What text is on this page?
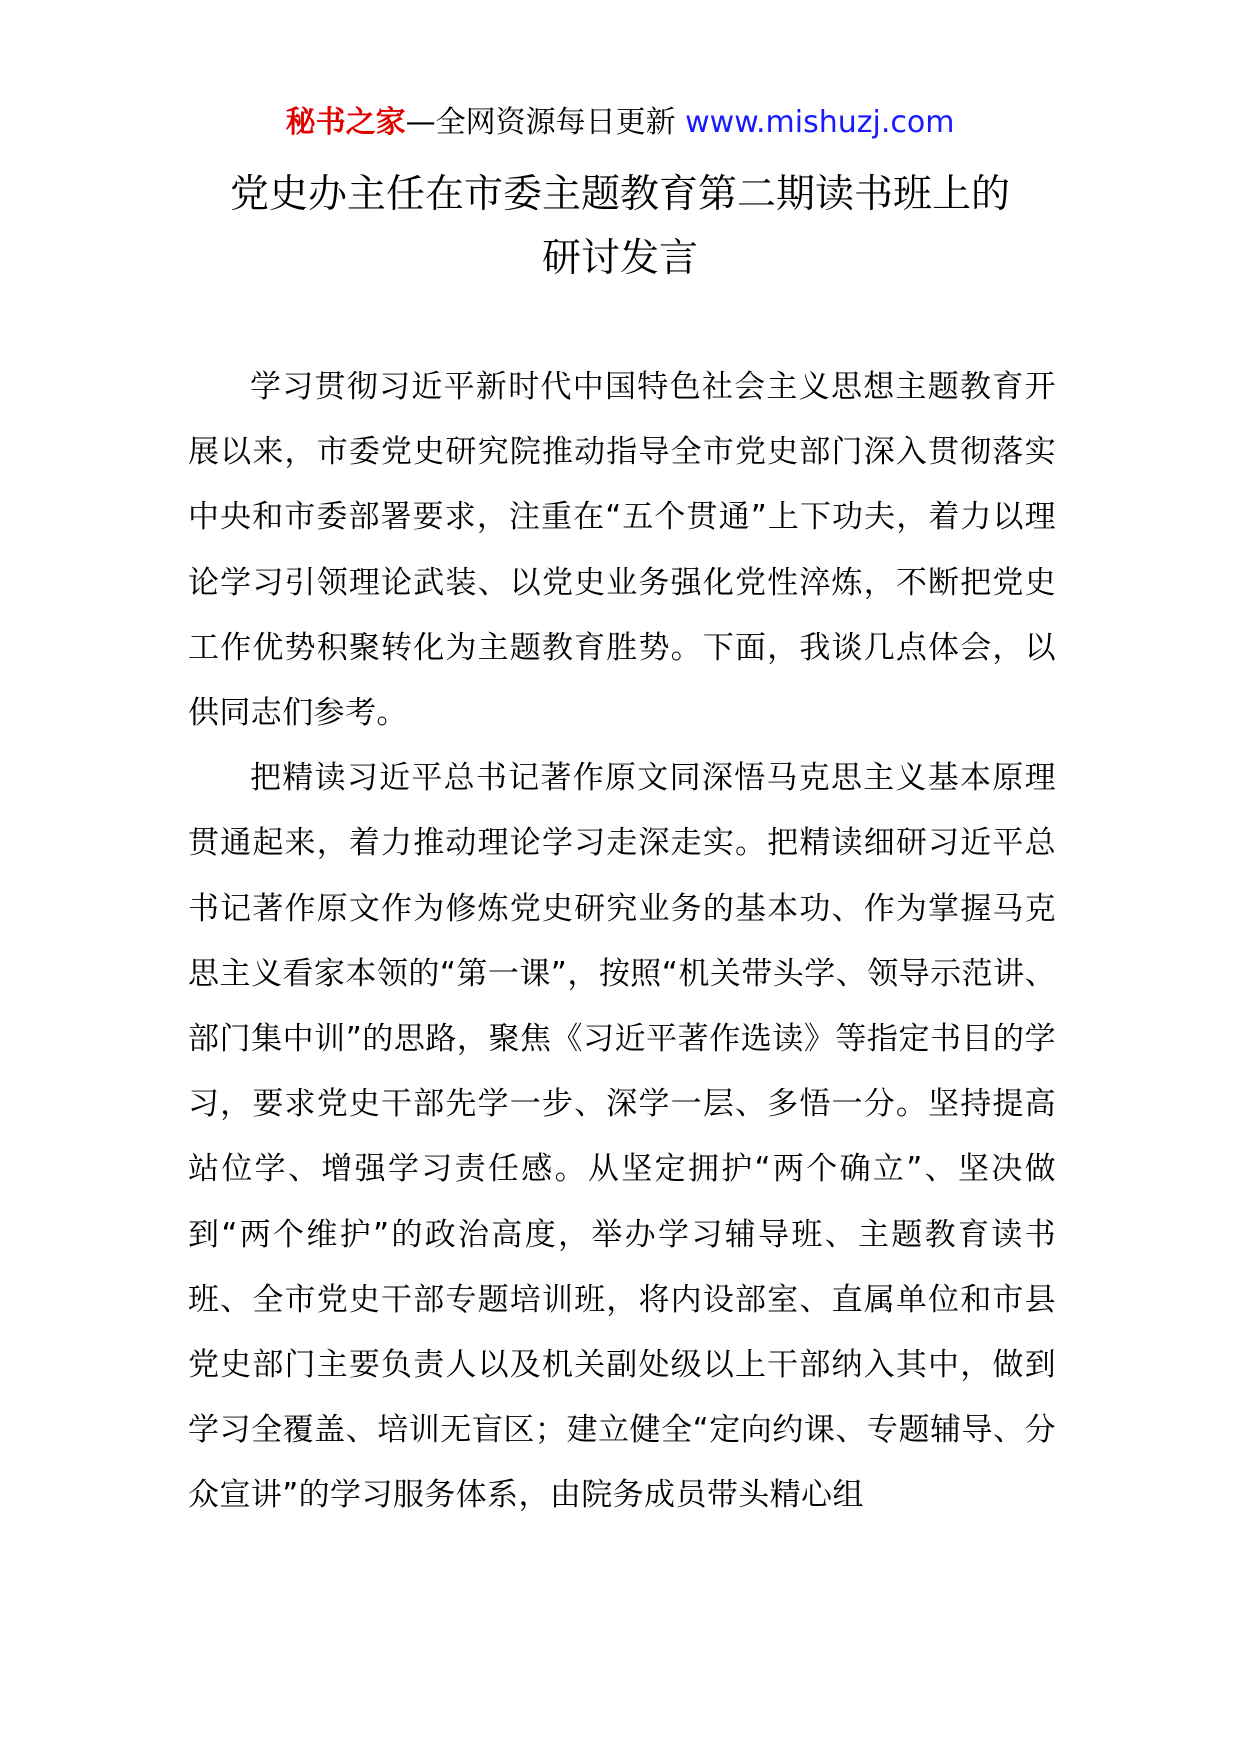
秘书之家—全网资源每日更新 www.mishuzj.com
党史办主任在市委主题教育第二期读书班上的
研讨发言

学习贯彻习近平新时代中国特色社会主义思想主题教育开展以来，市委党史研究院推动指导全市党史部门深入贯彻落实中央和市委部署要求，注重在“五个贯通”上下功夫，着力以理论学习引领理论武装、以党史业务强化党性淬炼，不断把党史工作优势积聚转化为主题教育胜势。下面，我谈几点体会，以供同志们参考。

把精读习近平总书记著作原文同深悟马克思主义基本原理贯通起来，着力推动理论学习走深走实。把精读细研习近平总书记著作原文作为修炼党史研究业务的基本功、作为掌握马克思主义看家本领的“第一课”，按照“机关带头学、领导示范讲、部门集中训”的思路，聚焦《习近平著作选读》等指定书目的学习，要求党史干部先学一步、深学一层、多悟一分。坚持提高站位学、增强学习责任感。从坚定拥护“两个确立”、坚决做到“两个维护”的政治高度，举办学习辅导班、主题教育读书班、全市党史干部专题培训班，将内设部室、直属单位和市县党史部门主要负责人以及机关副处级以上干部纳入其中，做到学习全覆盖、培训无盲区；建立健全“定向约课、专题辅导、分众宣讲”的学习服务体系，由院务成员带头精心组
